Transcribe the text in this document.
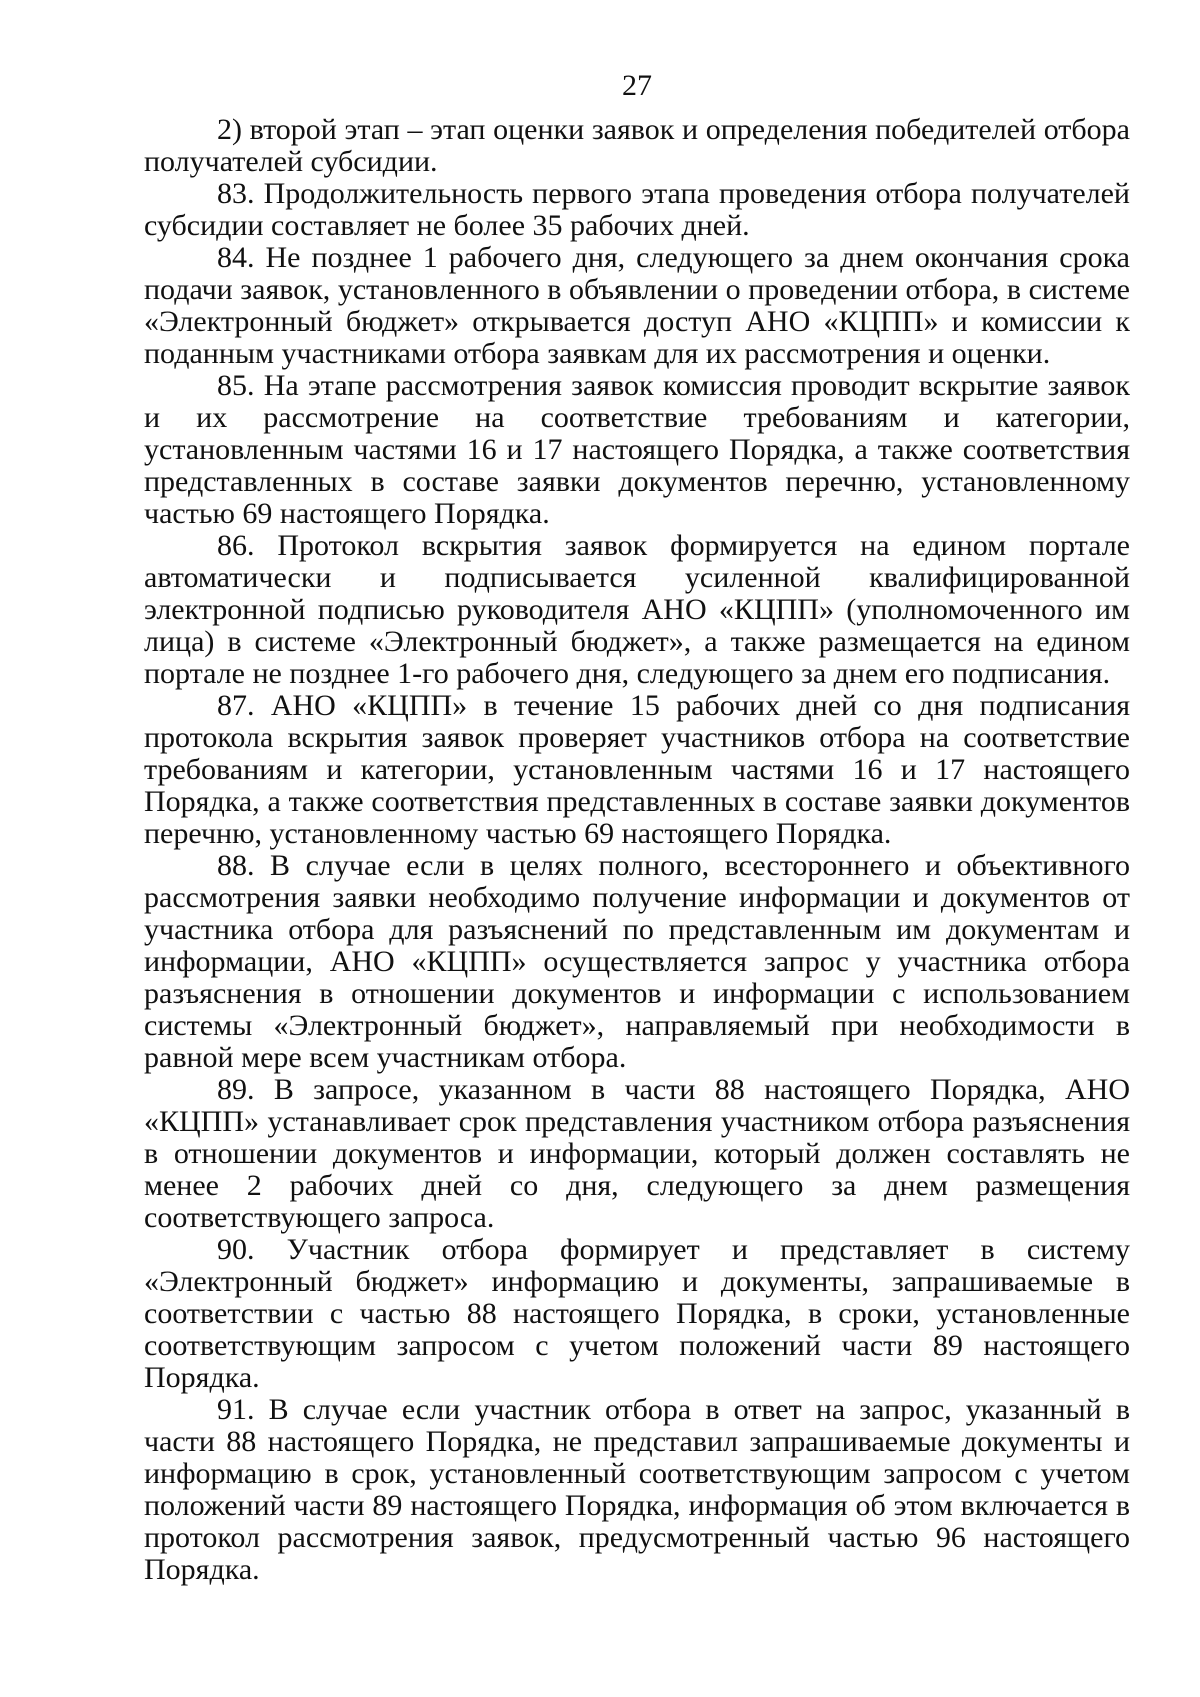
27

2) второй этап – этап оценки заявок и определения победителей отбора получателей субсидии.

83. Продолжительность первого этапа проведения отбора получателей субсидии составляет не более 35 рабочих дней.

84. Не позднее 1 рабочего дня, следующего за днем окончания срока подачи заявок, установленного в объявлении о проведении отбора, в системе «Электронный бюджет» открывается доступ АНО «КЦПП» и комиссии к поданным участниками отбора заявкам для их рассмотрения и оценки.

85. На этапе рассмотрения заявок комиссия проводит вскрытие заявок и их рассмотрение на соответствие требованиям и категории, установленным частями 16 и 17 настоящего Порядка, а также соответствия представленных в составе заявки документов перечню, установленному частью 69 настоящего Порядка.

86. Протокол вскрытия заявок формируется на едином портале автоматически и подписывается усиленной квалифицированной электронной подписью руководителя АНО «КЦПП» (уполномоченного им лица) в системе «Электронный бюджет», а также размещается на едином портале не позднее 1-го рабочего дня, следующего за днем его подписания.

87. АНО «КЦПП» в течение 15 рабочих дней со дня подписания протокола вскрытия заявок проверяет участников отбора на соответствие требованиям и категории, установленным частями 16 и 17 настоящего Порядка, а также соответствия представленных в составе заявки документов перечню, установленному частью 69 настоящего Порядка.

88. В случае если в целях полного, всестороннего и объективного рассмотрения заявки необходимо получение информации и документов от участника отбора для разъяснений по представленным им документам и информации, АНО «КЦПП» осуществляется запрос у участника отбора разъяснения в отношении документов и информации с использованием системы «Электронный бюджет», направляемый при необходимости в равной мере всем участникам отбора.

89. В запросе, указанном в части 88 настоящего Порядка, АНО «КЦПП» устанавливает срок представления участником отбора разъяснения в отношении документов и информации, который должен составлять не менее 2 рабочих дней со дня, следующего за днем размещения соответствующего запроса.

90. Участник отбора формирует и представляет в систему «Электронный бюджет» информацию и документы, запрашиваемые в соответствии с частью 88 настоящего Порядка, в сроки, установленные соответствующим запросом с учетом положений части 89 настоящего Порядка.

91. В случае если участник отбора в ответ на запрос, указанный в части 88 настоящего Порядка, не представил запрашиваемые документы и информацию в срок, установленный соответствующим запросом с учетом положений части 89 настоящего Порядка, информация об этом включается в протокол рассмотрения заявок, предусмотренный частью 96 настоящего Порядка.
